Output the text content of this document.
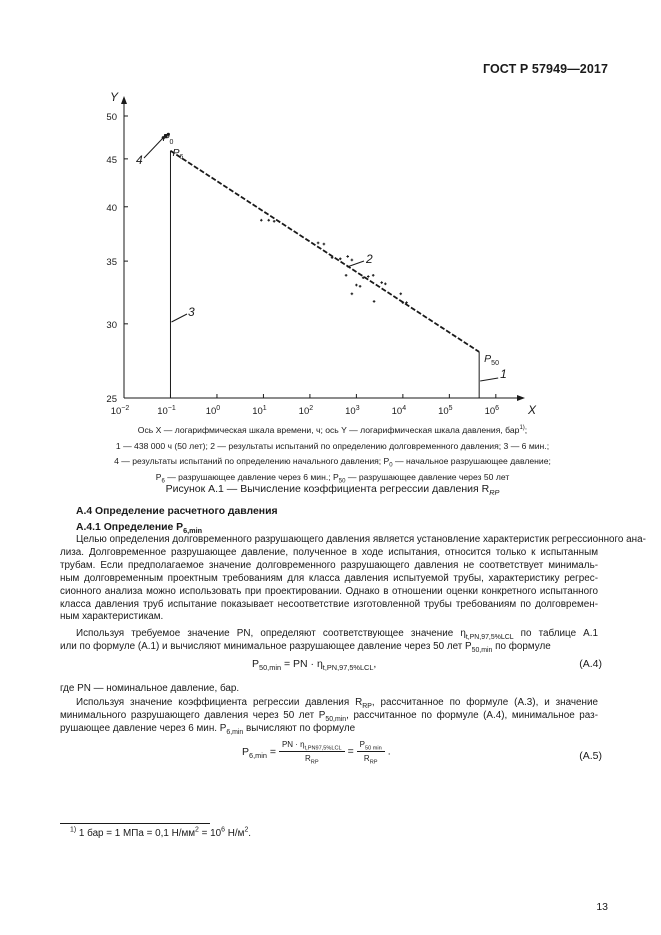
ГОСТ Р 57949—2017
X
Y
$10^{-2}$	$10^{-1}$	$10^0$	$10^1$	$10^2$	$10^3$	$10^4$	$10^5$	$10^6$
25
30
35
40
45
50
$P_0$
$P_6$
$P_{50}$
1
2
3
4
Ось X — логарифмическая шкала времени, ч; ось Y — логарифмическая шкала давления, бар$^{1)}$;
1 — 438 000 ч (50 лет); 2 — результаты испытаний по определению долговременного давления; 3 — 6 мин.;
4 — результаты испытаний по определению начального давления; $P_0$ — начальное разрушающее давление;
$P_6$ — разрушающее давление через 6 мин.; $P_{50}$ — разрушающее давление через 50 лет
Рисунок А.1 — Вычисление коэффициента регрессии давления $R_{RP}$
А.4 Определение расчетного давления
А.4.1 Определение $P_{6,min}$
Целью определения долговременного разрушающего давления является установление характеристик регрессионного ана-
лиза. Долговременное разрушающее давление, полученное в ходе испытания, относится только к испытанным
трубам. Если предполагаемое значение долговременного разрушающего давления не соответствует минималь-
ным долговременным проектным требованиям для класса давления испытуемой трубы, характеристику регрес-
сионного анализа можно использовать при проектировании. Однако в отношении оценки конкретного испытанного
класса давления труб испытание показывает несоответствие изготовленной трубы требованиям по долговремен-
ным характеристикам.
Используя требуемое значение PN, определяют соответствующее значение $\eta_{t,PN,97,5\%LCL}$ по таблице А.1
или по формуле (А.1) и вычисляют минимальное разрушающее давление через 50 лет $P_{50,min}$ по формуле
$P_{50,min}$ = PN · $\eta_{t,PN,97,5\%LCL}$,	(А.4)
где PN — номинальное давление, бар.
Используя значение коэффициента регрессии давления $R_{RP}$, рассчитанное по формуле (А.3), и значение
минимального разрушающего давления через 50 лет $P_{50,min}$, рассчитанное по формуле (А.4), минимальное раз-
рушающее давление через 6 мин. $P_{6,min}$ вычисляют по формуле
$P_{6,min} = \frac{PN \cdot \eta_{t,PN97,5\%LCL}}{R_{RP}} = \frac{P_{50 min}}{R_{RP}}$ .	(А.5)
$^{1)}$ 1 бар = 1 МПа = 0,1 $Н/мм^2 = 10^6$ $Н/м^2$.
13
